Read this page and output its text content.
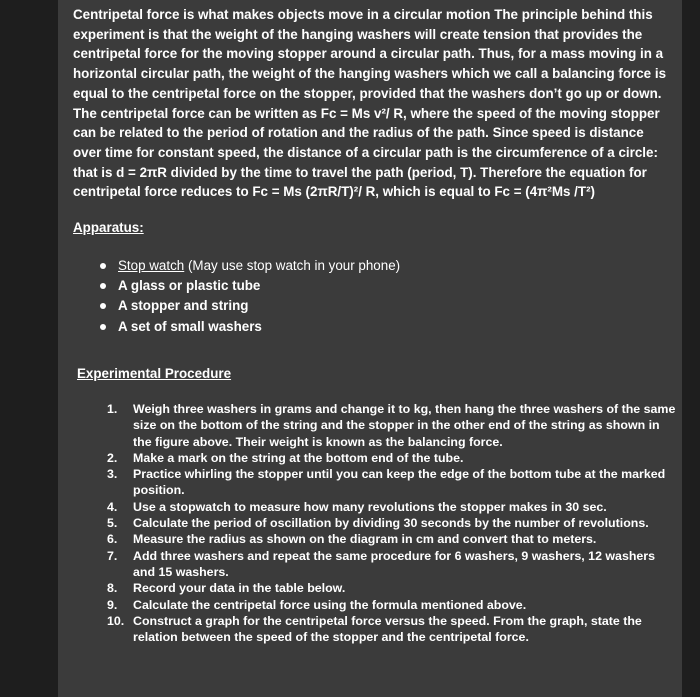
Centripetal force is what makes objects move in a circular motion The principle behind this
experiment is that the weight of the hanging washers will create tension that provides the
centripetal force for the moving stopper around a circular path. Thus, for a mass moving in a
horizontal circular path, the weight of the hanging washers which we call a balancing force is
equal to the centripetal force on the stopper, provided that the washers don’t go up or down.
The centripetal force can be written as Fc = Ms v²/ R, where the speed of the moving stopper
can be related to the period of rotation and the radius of the path. Since speed is distance
over time for constant speed, the distance of a circular path is the circumference of a circle:
that is d = 2πR divided by the time to travel the path (period, T). Therefore the equation for
centripetal force reduces to Fc = Ms (2πR/T)²/ R, which is equal to Fc = (4π²Ms /T²)
Apparatus:
Stop watch (May use stop watch in your phone)
A glass or plastic tube
A stopper and string
A set of small washers
Experimental Procedure
1. Weigh three washers in grams and change it to kg, then hang the three washers of the same size on the bottom of the string and the stopper in the other end of the string as shown in the figure above. Their weight is known as the balancing force.
2. Make a mark on the string at the bottom end of the tube.
3. Practice whirling the stopper until you can keep the edge of the bottom tube at the marked position.
4. Use a stopwatch to measure how many revolutions the stopper makes in 30 sec.
5. Calculate the period of oscillation by dividing 30 seconds by the number of revolutions.
6. Measure the radius as shown on the diagram in cm and convert that to meters.
7. Add three washers and repeat the same procedure for 6 washers, 9 washers, 12 washers and 15 washers.
8. Record your data in the table below.
9. Calculate the centripetal force using the formula mentioned above.
10. Construct a graph for the centripetal force versus the speed. From the graph, state the relation between the speed of the stopper and the centripetal force.
